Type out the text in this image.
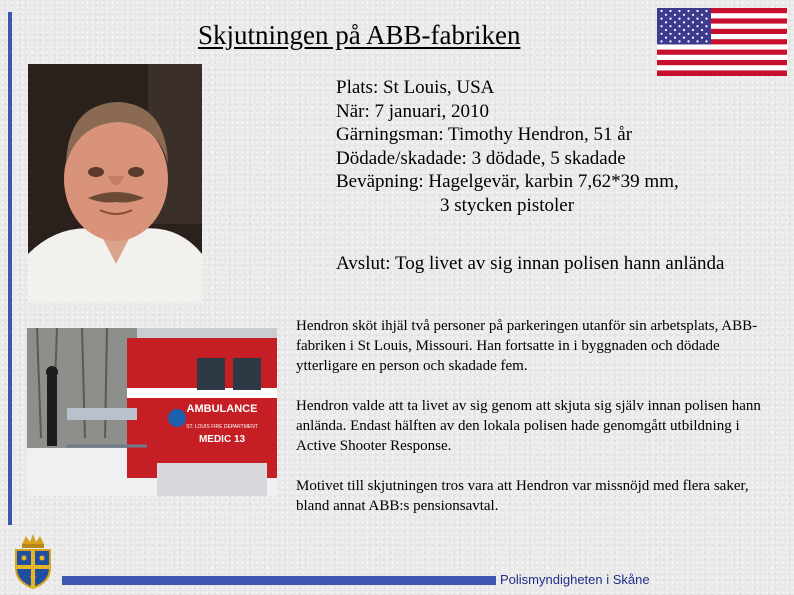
Skjutningen på ABB-fabriken
AMBULANCE
ST. LOUIS FIRE DEPARTMENT
MEDIC 13
Plats: St Louis, USA
När: 7 januari, 2010
Gärningsman: Timothy Hendron, 51 år
Dödade/skadade: 3 dödade, 5 skadade
Beväpning: Hagelgevär, karbin 7,62*39 mm,
3 stycken pistoler
Avslut: Tog livet av sig innan polisen hann anlända

Hendron sköt ihjäl två personer på parkeringen utanför sin arbetsplats, ABB-fabriken i St Louis, Missouri. Han fortsatte in i byggnaden och dödade ytterligare en person och skadade fem.

Hendron valde att ta livet av sig genom att skjuta sig själv innan polisen hann anlända. Endast hälften av den lokala polisen hade genomgått utbildning i Active Shooter Response.

Motivet till skjutningen tros vara att Hendron var missnöjd med flera saker, bland annat ABB:s pensionsavtal.

Polismyndigheten i Skåne
